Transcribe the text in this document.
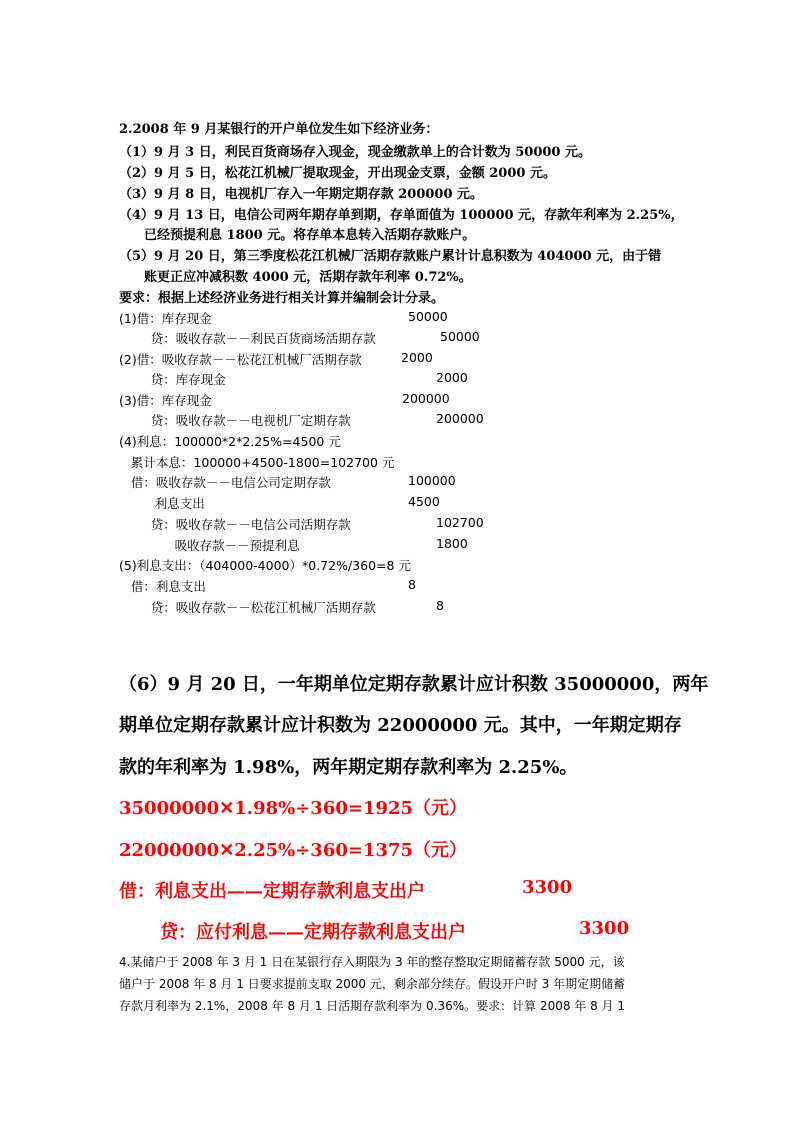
2.2008 年 9 月某银行的开户单位发生如下经济业务：
（1）9 月 3 日，利民百货商场存入现金，现金缴款单上的合计数为 50000 元。
（2）9 月 5 日，松花江机械厂提取现金，开出现金支票，金额 2000 元。
（3）9 月 8 日，电视机厂存入一年期定期存款 200000 元。
（4）9 月 13 日，电信公司两年期存单到期，存单面值为 100000 元，存款年利率为 2.25%，
已经预提利息 1800 元。将存单本息转入活期存款账户。
（5）9 月 20 日，第三季度松花江机械厂活期存款账户累计计息积数为 404000 元，由于错
账更正应冲减积数 4000 元，活期存款年利率 0.72%。
要求：根据上述经济业务进行相关计算并编制会计分录。
(1)借：库存现金	50000
贷：吸收存款－－利民百货商场活期存款	50000
(2)借：吸收存款－－松花江机械厂活期存款	2000
贷：库存现金	2000
(3)借：库存现金	200000
贷：吸收存款－－电视机厂定期存款	200000
(4)利息：100000*2*2.25%=4500 元
累计本息：100000+4500-1800=102700 元
借：吸收存款－－电信公司定期存款	100000
利息支出	4500
贷：吸收存款－－电信公司活期存款	102700
吸收存款－－预提利息	1800
(5)利息支出：（404000-4000）*0.72%/360=8 元
借：利息支出	8
贷：吸收存款－－松花江机械厂活期存款	8
（6）9 月 20 日，一年期单位定期存款累计应计积数 35000000，两年
期单位定期存款累计应计积数为 22000000 元。其中，一年期定期存
款的年利率为 1.98%，两年期定期存款利率为 2.25%。
35000000✕1.98%÷360=1925（元）
22000000✕2.25%÷360=1375（元）
借：利息支出——定期存款利息支出户	3300
贷：应付利息——定期存款利息支出户	3300
4.某储户于 2008 年 3 月 1 日在某银行存入期限为 3 年的整存整取定期储蓄存款 5000 元，该
储户于 2008 年 8 月 1 日要求提前支取 2000 元，剩余部分续存。假设开户时 3 年期定期储蓄
存款月利率为 2.1%，2008 年 8 月 1 日活期存款利率为 0.36%。要求：计算 2008 年 8 月 1
